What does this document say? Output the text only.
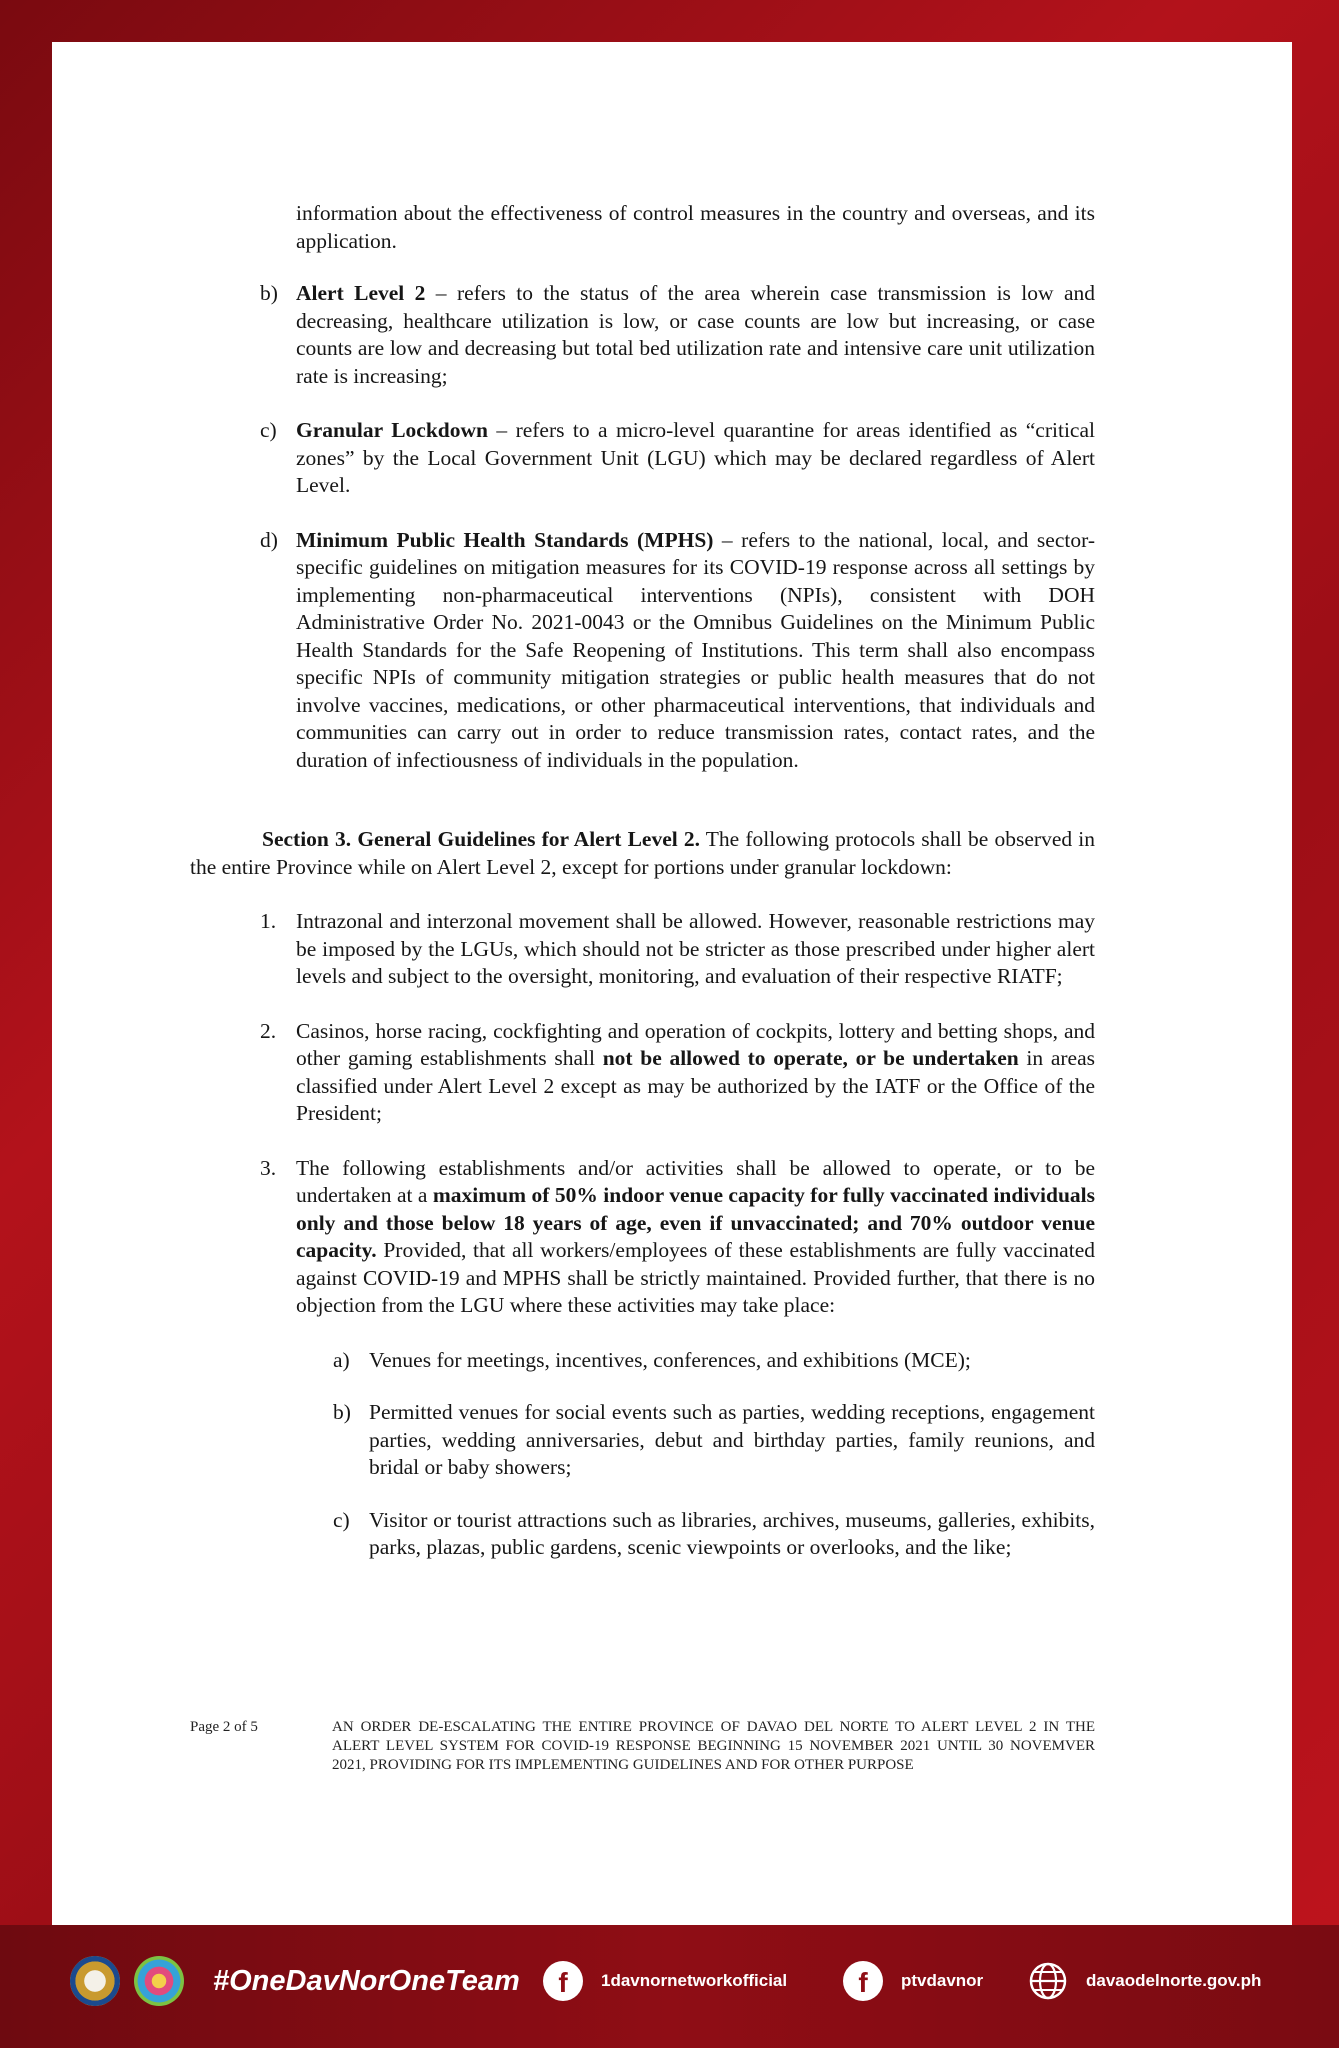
information about the effectiveness of control measures in the country and overseas, and its application.

b) Alert Level 2 – refers to the status of the area wherein case transmission is low and decreasing, healthcare utilization is low, or case counts are low but increasing, or case counts are low and decreasing but total bed utilization rate and intensive care unit utilization rate is increasing;

c) Granular Lockdown – refers to a micro-level quarantine for areas identified as “critical zones” by the Local Government Unit (LGU) which may be declared regardless of Alert Level.

d) Minimum Public Health Standards (MPHS) – refers to the national, local, and sector-specific guidelines on mitigation measures for its COVID-19 response across all settings by implementing non-pharmaceutical interventions (NPIs), consistent with DOH Administrative Order No. 2021-0043 or the Omnibus Guidelines on the Minimum Public Health Standards for the Safe Reopening of Institutions. This term shall also encompass specific NPIs of community mitigation strategies or public health measures that do not involve vaccines, medications, or other pharmaceutical interventions, that individuals and communities can carry out in order to reduce transmission rates, contact rates, and the duration of infectiousness of individuals in the population.

Section 3. General Guidelines for Alert Level 2. The following protocols shall be observed in the entire Province while on Alert Level 2, except for portions under granular lockdown:

1. Intrazonal and interzonal movement shall be allowed. However, reasonable restrictions may be imposed by the LGUs, which should not be stricter as those prescribed under higher alert levels and subject to the oversight, monitoring, and evaluation of their respective RIATF;

2. Casinos, horse racing, cockfighting and operation of cockpits, lottery and betting shops, and other gaming establishments shall not be allowed to operate, or be undertaken in areas classified under Alert Level 2 except as may be authorized by the IATF or the Office of the President;

3. The following establishments and/or activities shall be allowed to operate, or to be undertaken at a maximum of 50% indoor venue capacity for fully vaccinated individuals only and those below 18 years of age, even if unvaccinated; and 70% outdoor venue capacity. Provided, that all workers/employees of these establishments are fully vaccinated against COVID-19 and MPHS shall be strictly maintained. Provided further, that there is no objection from the LGU where these activities may take place:

a) Venues for meetings, incentives, conferences, and exhibitions (MCE);

b) Permitted venues for social events such as parties, wedding receptions, engagement parties, wedding anniversaries, debut and birthday parties, family reunions, and bridal or baby showers;

c) Visitor or tourist attractions such as libraries, archives, museums, galleries, exhibits, parks, plazas, public gardens, scenic viewpoints or overlooks, and the like;

Page 2 of 5	AN ORDER DE-ESCALATING THE ENTIRE PROVINCE OF DAVAO DEL NORTE TO ALERT LEVEL 2 IN THE ALERT LEVEL SYSTEM FOR COVID-19 RESPONSE BEGINNING 15 NOVEMBER 2021 UNTIL 30 NOVEMVER 2021, PROVIDING FOR ITS IMPLEMENTING GUIDELINES AND FOR OTHER PURPOSE
#OneDavNorOneTeam	f	1davnornetworkofficial	f	ptvdavnor	davaodelnorte.gov.ph
